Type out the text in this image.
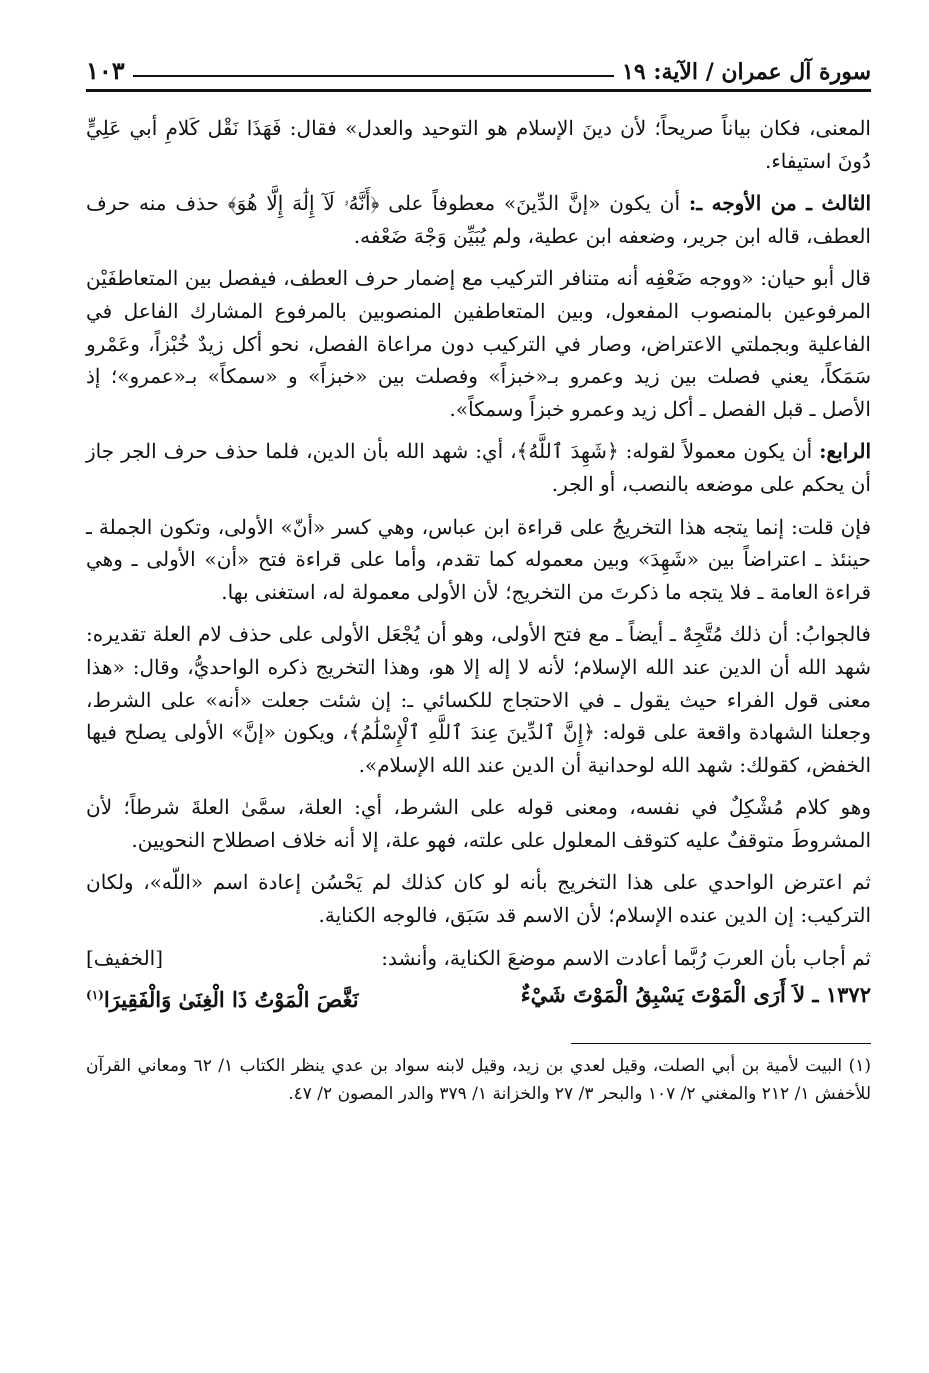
سورة آل عمران / الآية: ١٩
١٠٣

المعنى، فكان بياناً صريحاً؛ لأن دينَ الإسلام هو التوحيد والعدل» فقال: فَهَذَا نَقْل كَلامِ أبي عَلِيٍّ دُونَ استيفاء.

الثالث ـ من الأوجه ـ: أن يكون «إنَّ الدِّينَ» معطوفاً على ﴿أَنَّهُۥ لَآ إِلَٰهَ إِلَّا هُوَ﴾ حذف منه حرف العطف، قاله ابن جرير، وضعفه ابن عطية، ولم يُبَيِّن وَجْهَ ضَعْفه.

قال أبو حيان: «ووجه ضَعْفِه أنه متنافر التركيب مع إضمار حرف العطف، فيفصل بين المتعاطفَيْن المرفوعين بالمنصوب المفعول، وبين المتعاطفين المنصوبين بالمرفوع المشارك الفاعل في الفاعلية وبجملتي الاعتراض، وصار في التركيب دون مراعاة الفصل، نحو أكل زيدٌ خُبْزاً، وعَمْرو سَمَكاً، يعني فصلت بين زيد وعمرو بـ«خبزاً» وفصلت بين «خبزاً» و «سمكاً» بـ«عمرو»؛ إذ الأصل ـ قبل الفصل ـ أكل زيد وعمرو خبزاً وسمكاً».

الرابع: أن يكون معمولاً لقوله: ﴿شَهِدَ ٱللَّهُ﴾، أي: شهد الله بأن الدين، فلما حذف حرف الجر جاز أن يحكم على موضعه بالنصب، أو الجر.

فإن قلت: إنما يتجه هذا التخريجُ على قراءة ابن عباس، وهي كسر «أنّ» الأولى، وتكون الجملة ـ حينئذ ـ اعتراضاً بين «شَهِدَ» وبين معموله كما تقدم، وأما على قراءة فتح «أن» الأولى ـ وهي قراءة العامة ـ فلا يتجه ما ذكرتَ من التخريج؛ لأن الأولى معمولة له، استغنى بها.

فالجوابُ: أن ذلك مُتَّجِهٌ ـ أيضاً ـ مع فتح الأولى، وهو أن يُجْعَل الأولى على حذف لام العلة تقديره: شهد الله أن الدين عند الله الإسلام؛ لأنه لا إله إلا هو، وهذا التخريج ذكره الواحديُّ، وقال: «هذا معنى قول الفراء حيث يقول ـ في الاحتجاج للكسائي ـ: إن شئت جعلت «أنه» على الشرط، وجعلنا الشهادة واقعة على قوله: ﴿إِنَّ ٱلدِّينَ عِندَ ٱللَّهِ ٱلْإِسْلَٰمُ﴾، ويكون «إنَّ» الأولى يصلح فيها الخفض، كقولك: شهد الله لوحدانية أن الدين عند الله الإسلام».

وهو كلام مُشْكِلٌ في نفسه، ومعنى قوله على الشرط، أي: العلة، سمَّىٰ العلةَ شرطاً؛ لأن المشروطَ متوقفٌ عليه كتوقف المعلول على علته، فهو علة، إلا أنه خلاف اصطلاح النحويين.

ثم اعترض الواحدي على هذا التخريج بأنه لو كان كذلك لم يَحْسُن إعادة اسم «اللّه»، ولكان التركيب: إن الدين عنده الإسلام؛ لأن الاسم قد سَبَق، فالوجه الكناية.

ثم أجاب بأن العربَ رُبَّما أعادت الاسم موضعَ الكناية، وأنشد:
[الخفيف]

١٣٧٢ ـ لاَ أَرَى الْمَوْتَ يَسْبِقُ الْمَوْتَ شَيْءٌ
نَغَّصَ الْمَوْتُ ذَا الْغِنَىٰ وَالْفَقِيرَا$^{(١)}$

(١) البيت لأمية بن أبي الصلت، وقيل لعدي بن زيد، وقيل لابنه سواد بن عدي ينظر الكتاب ١/ ٦٢ ومعاني القرآن للأخفش ١/ ٢١٢ والمغني ٢/ ١٠٧ والبحر ٣/ ٢٧ والخزانة ١/ ٣٧٩ والدر المصون ٢/ ٤٧.
